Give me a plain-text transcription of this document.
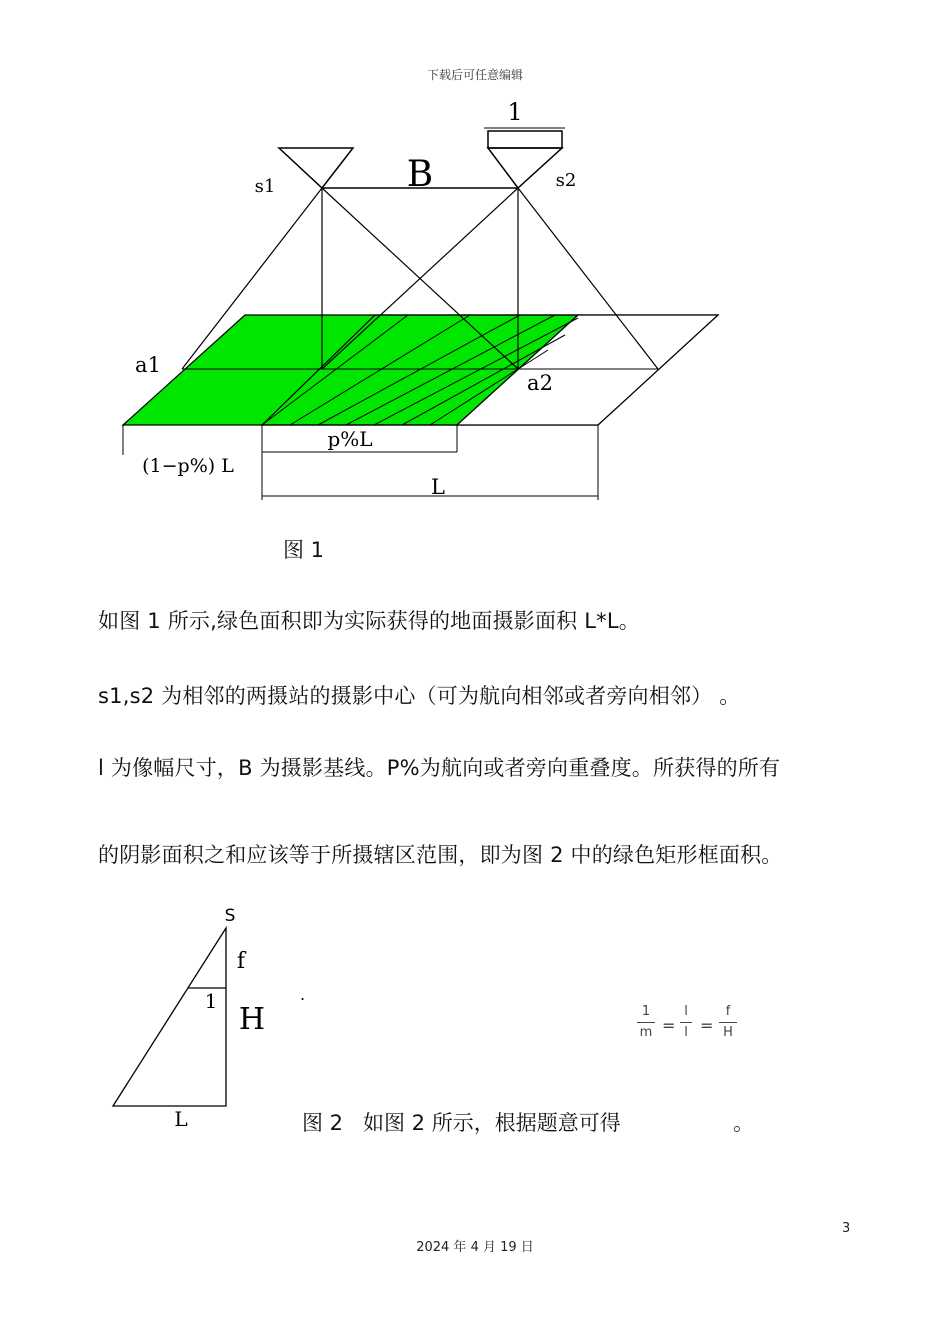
下载后可任意编辑
1
B
s1	s2
a1
a2
p%L
(1−p%) L
L
图 1
如图 1 所示,绿色面积即为实际获得的地面摄影面积 L*L。
s1,s2 为相邻的两摄站的摄影中心（可为航向相邻或者旁向相邻） 。
l 为像幅尺寸，B 为摄影基线。P%为航向或者旁向重叠度。所获得的所有
的阴影面积之和应该等于所摄辖区范围，即为图 2 中的绿色矩形框面积。
S
f
1
H
L
.
1
m =
l
l =
f
H
图 2 如图 2 所示，根据题意可得	。
3
2024 年 4 月 19 日
